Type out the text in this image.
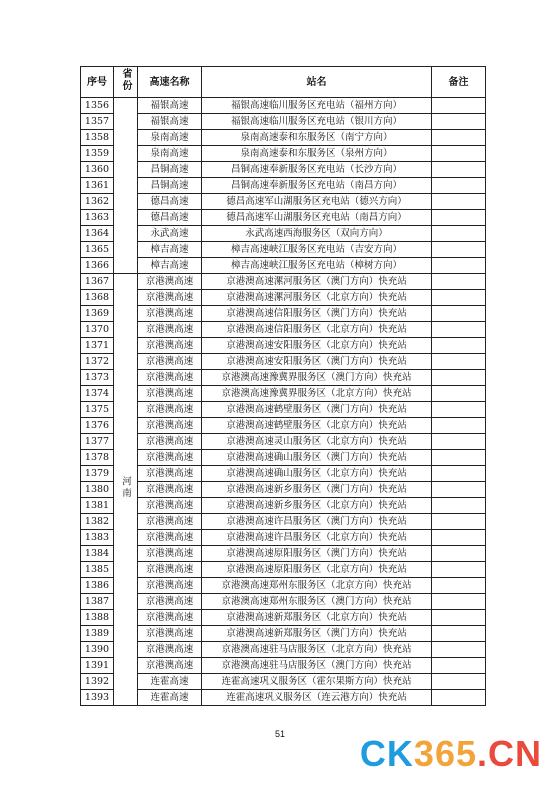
序号	省份	高速名称	站名	备注
1356		福银高速	福银高速临川服务区充电站（福州方向）	
1357		福银高速	福银高速临川服务区充电站（银川方向）	
1358		泉南高速	泉南高速泰和东服务区（南宁方向）	
1359		泉南高速	泉南高速泰和东服务区（泉州方向）	
1360		昌铜高速	昌铜高速奉新服务区充电站（长沙方向）	
1361		昌铜高速	昌铜高速奉新服务区充电站（南昌方向）	
1362		德昌高速	德昌高速军山湖服务区充电站（德兴方向）	
1363		德昌高速	德昌高速军山湖服务区充电站（南昌方向）	
1364		永武高速	永武高速西海服务区（双向方向）	
1365		樟吉高速	樟吉高速峡江服务区充电站（吉安方向）	
1366		樟吉高速	樟吉高速峡江服务区充电站（樟树方向）	
1367	河南	京港澳高速	京港澳高速漯河服务区（澳门方向）快充站	
1368		京港澳高速	京港澳高速漯河服务区（北京方向）快充站	
1369		京港澳高速	京港澳高速信阳服务区（澳门方向）快充站	
1370		京港澳高速	京港澳高速信阳服务区（北京方向）快充站	
1371		京港澳高速	京港澳高速安阳服务区（北京方向）快充站	
1372		京港澳高速	京港澳高速安阳服务区（澳门方向）快充站	
1373		京港澳高速	京港澳高速豫冀界服务区（澳门方向）快充站	
1374		京港澳高速	京港澳高速豫冀界服务区（北京方向）快充站	
1375		京港澳高速	京港澳高速鹤壁服务区（澳门方向）快充站	
1376		京港澳高速	京港澳高速鹤壁服务区（北京方向）快充站	
1377		京港澳高速	京港澳高速灵山服务区（北京方向）快充站	
1378		京港澳高速	京港澳高速确山服务区（澳门方向）快充站	
1379		京港澳高速	京港澳高速确山服务区（北京方向）快充站	
1380		京港澳高速	京港澳高速新乡服务区（澳门方向）快充站	
1381		京港澳高速	京港澳高速新乡服务区（北京方向）快充站	
1382		京港澳高速	京港澳高速许昌服务区（澳门方向）快充站	
1383		京港澳高速	京港澳高速许昌服务区（北京方向）快充站	
1384		京港澳高速	京港澳高速原阳服务区（澳门方向）快充站	
1385		京港澳高速	京港澳高速原阳服务区（北京方向）快充站	
1386		京港澳高速	京港澳高速郑州东服务区（北京方向）快充站	
1387		京港澳高速	京港澳高速郑州东服务区（澳门方向）快充站	
1388		京港澳高速	京港澳高速新郑服务区（北京方向）快充站	
1389		京港澳高速	京港澳高速新郑服务区（澳门方向）快充站	
1390		京港澳高速	京港澳高速驻马店服务区（北京方向）快充站	
1391		京港澳高速	京港澳高速驻马店服务区（澳门方向）快充站	
1392		连霍高速	连霍高速巩义服务区（霍尔果斯方向）快充站	
1393		连霍高速	连霍高速巩义服务区（连云港方向）快充站	
51	CK365.CN
